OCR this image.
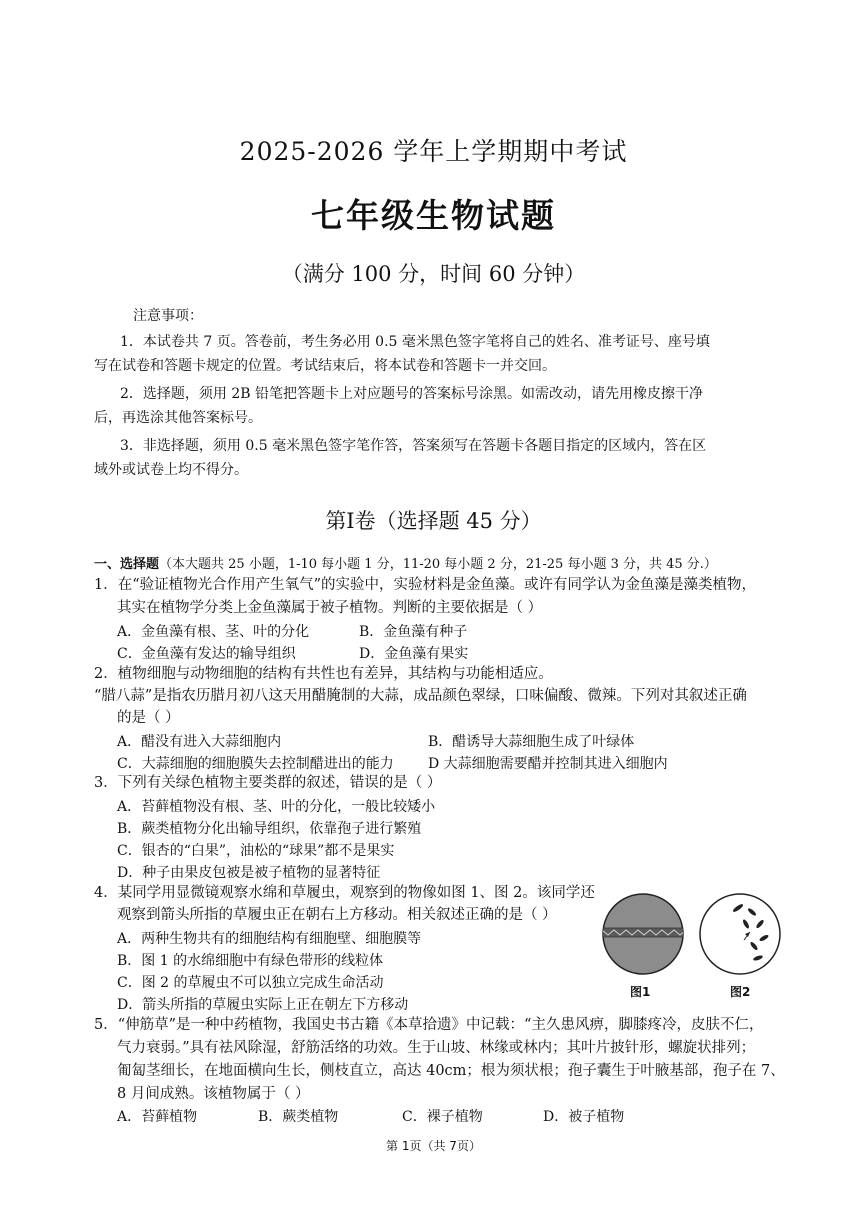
2025-2026 学年上学期期中考试
七年级生物试题
（满分 100 分，时间 60 分钟）
注意事项：
1．本试卷共 7 页。答卷前，考生务必用 0.5 毫米黑色签字笔将自己的姓名、准考证号、座号填
写在试卷和答题卡规定的位置。考试结束后，将本试卷和答题卡一并交回。
2．选择题，须用 2B 铅笔把答题卡上对应题号的答案标号涂黑。如需改动，请先用橡皮擦干净
后，再选涂其他答案标号。
3．非选择题，须用 0.5 毫米黑色签字笔作答，答案须写在答题卡各题目指定的区域内，答在区
域外或试卷上均不得分。
第Ⅰ卷（选择题 45 分）
一、选择题（本大题共 25 小题，1-10 每小题 1 分，11-20 每小题 2 分，21-25 每小题 3 分，共 45 分.）
1．在“验证植物光合作用产生氧气”的实验中，实验材料是金鱼藻。或许有同学认为金鱼藻是藻类植物，
其实在植物学分类上金鱼藻属于被子植物。判断的主要依据是（ ）
A．金鱼藻有根、茎、叶的分化	B．金鱼藻有种子
C．金鱼藻有发达的输导组织	D．金鱼藻有果实
2．植物细胞与动物细胞的结构有共性也有差异，其结构与功能相适应。
“腊八蒜”是指农历腊月初八这天用醋腌制的大蒜，成品颜色翠绿，口味偏酸、微辣。下列对其叙述正确
的是（ ）
A．醋没有进入大蒜细胞内	B．醋诱导大蒜细胞生成了叶绿体
C．大蒜细胞的细胞膜失去控制醋进出的能力 D 大蒜细胞需要醋并控制其进入细胞内
3．下列有关绿色植物主要类群的叙述，错误的是（ ）
A．苔藓植物没有根、茎、叶的分化，一般比较矮小
B．蕨类植物分化出输导组织，依靠孢子进行繁殖
C．银杏的“白果”，油松的“球果”都不是果实
D．种子由果皮包被是被子植物的显著特征
4．某同学用显微镜观察水绵和草履虫，观察到的物像如图 1、图 2。该同学还
观察到箭头所指的草履虫正在朝右上方移动。相关叙述正确的是（ ）
A．两种生物共有的细胞结构有细胞壁、细胞膜等
B．图 1 的水绵细胞中有绿色带形的线粒体
C．图 2 的草履虫不可以独立完成生命活动
D．箭头所指的草履虫实际上正在朝左下方移动
图1	图2
5．“伸筋草”是一种中药植物，我国史书古籍《本草拾遗》中记载：“主久患风痹，脚膝疼冷，皮肤不仁，
气力衰弱。”具有祛风除湿，舒筋活络的功效。生于山坡、林缘或林内；其叶片披针形，螺旋状排列；
匍匐茎细长，在地面横向生长，侧枝直立，高达 40cm；根为须状根；孢子囊生于叶腋基部，孢子在 7、
8 月间成熟。该植物属于（ ）
A．苔藓植物	B．蕨类植物	C．裸子植物	D．被子植物
第 1页（共 7页）
